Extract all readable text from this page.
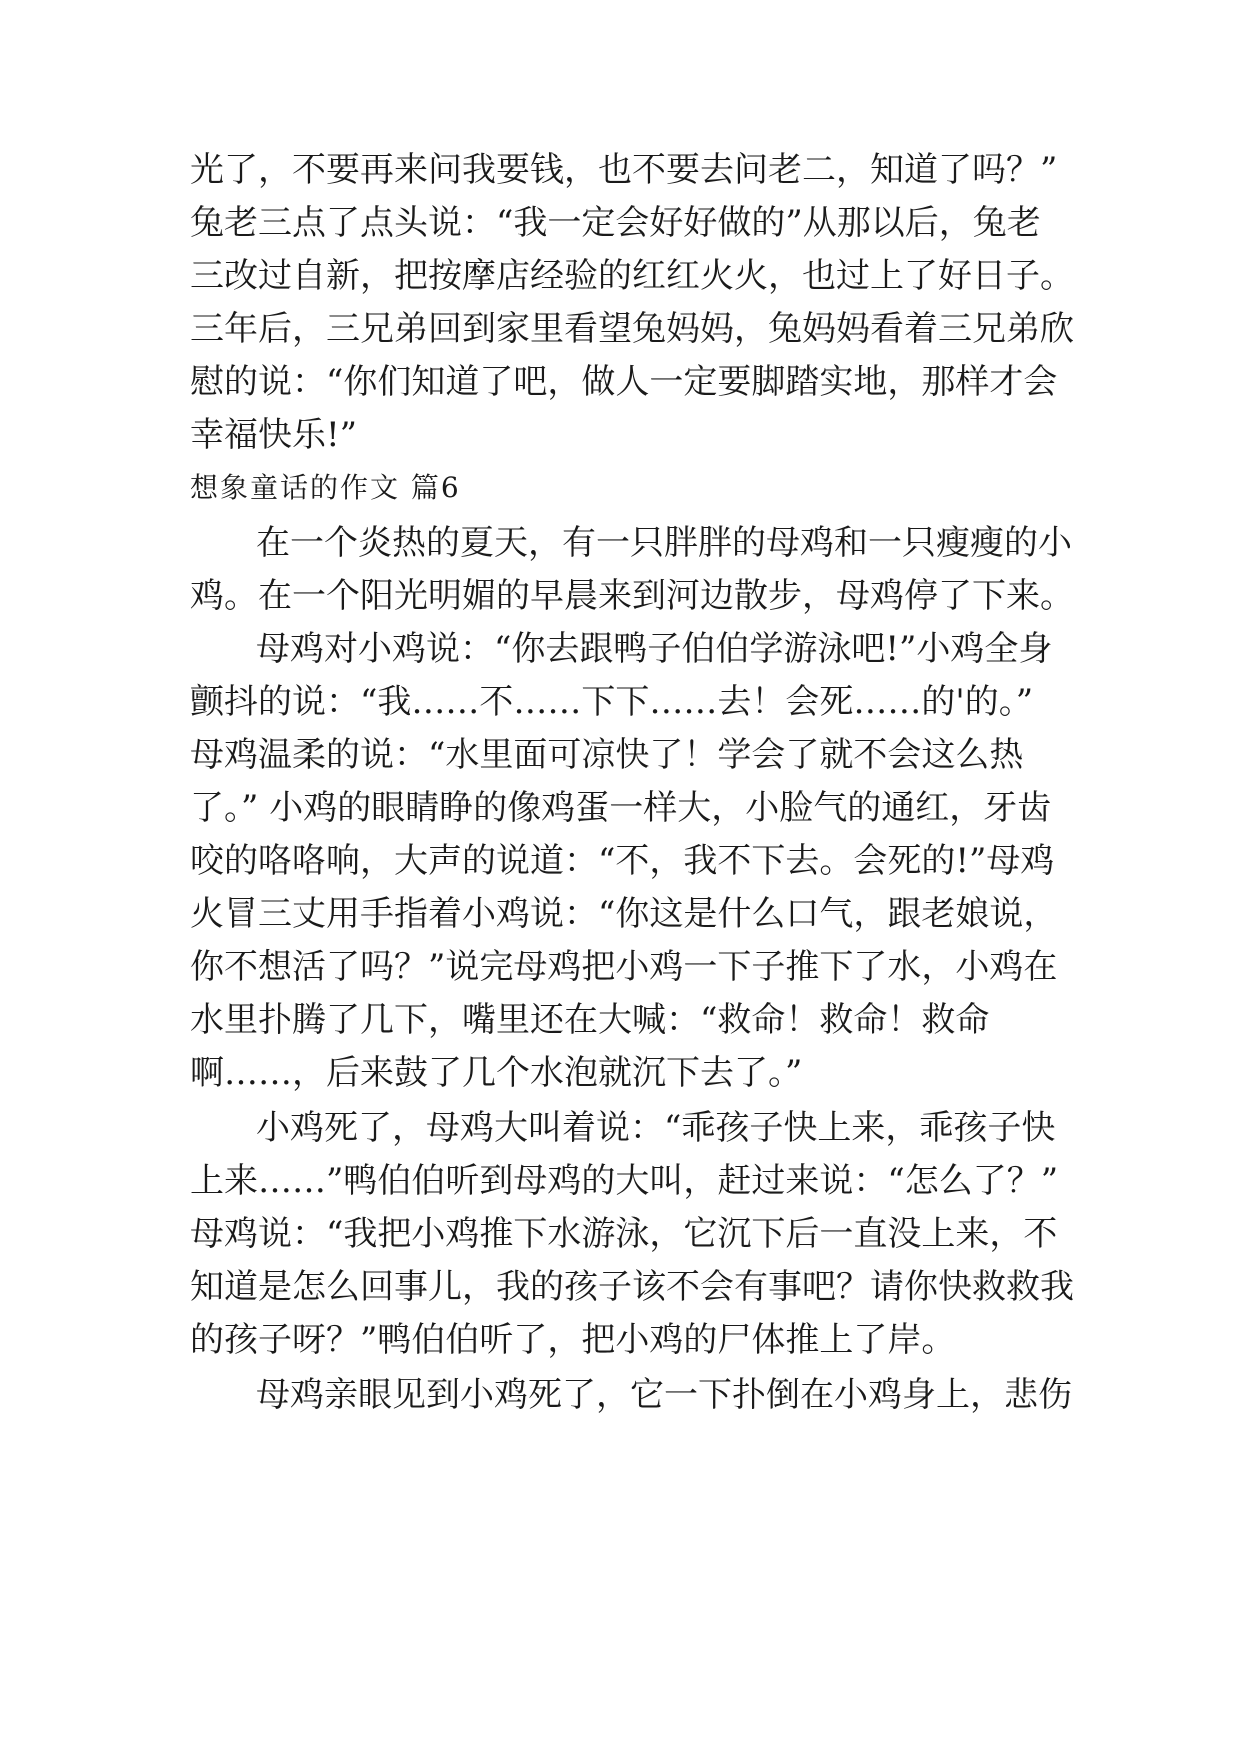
光了，不要再来问我要钱，也不要去问老二，知道了吗？”
兔老三点了点头说：“我一定会好好做的”从那以后，兔老
三改过自新，把按摩店经验的红红火火，也过上了好日子。
三年后，三兄弟回到家里看望兔妈妈，兔妈妈看着三兄弟欣
慰的说：“你们知道了吧，做人一定要脚踏实地，那样才会
幸福快乐!”
想象童话的作文 篇6
在一个炎热的夏天，有一只胖胖的母鸡和一只瘦瘦的小
鸡。在一个阳光明媚的早晨来到河边散步，母鸡停了下来。
母鸡对小鸡说：“你去跟鸭子伯伯学游泳吧!”小鸡全身
颤抖的说：“我……不……下下……去！会死……的'的。”
母鸡温柔的说：“水里面可凉快了！学会了就不会这么热
了。” 小鸡的眼睛睁的像鸡蛋一样大，小脸气的通红，牙齿
咬的咯咯响，大声的说道：“不，我不下去。会死的!”母鸡
火冒三丈用手指着小鸡说：“你这是什么口气，跟老娘说，
你不想活了吗？”说完母鸡把小鸡一下子推下了水，小鸡在
水里扑腾了几下，嘴里还在大喊：“救命！救命！救命
啊……，后来鼓了几个水泡就沉下去了。”
小鸡死了，母鸡大叫着说：“乖孩子快上来，乖孩子快
上来……”鸭伯伯听到母鸡的大叫，赶过来说：“怎么了？”
母鸡说：“我把小鸡推下水游泳，它沉下后一直没上来，不
知道是怎么回事儿，我的孩子该不会有事吧？请你快救救我
的孩子呀？”鸭伯伯听了，把小鸡的尸体推上了岸。
母鸡亲眼见到小鸡死了，它一下扑倒在小鸡身上，悲伤
